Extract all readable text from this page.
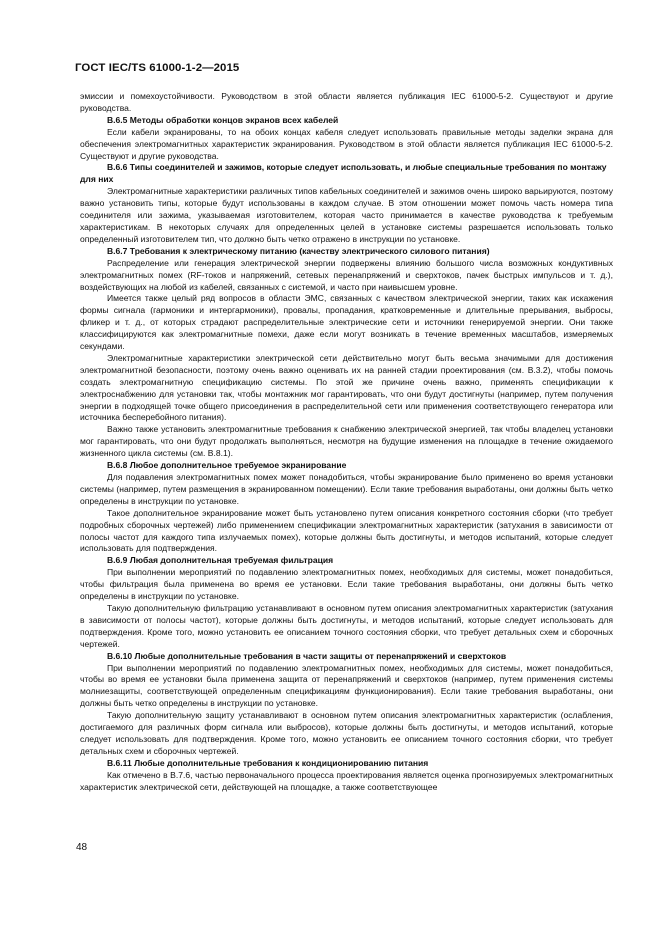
ГОСТ IEC/TS 61000-1-2—2015

эмиссии и помехоустойчивости. Руководством в этой области является публикация IEC 61000-5-2. Существуют и другие руководства.

В.6.5 Методы обработки концов экранов всех кабелей

Если кабели экранированы, то на обоих концах кабеля следует использовать правильные методы заделки экрана для обеспечения электромагнитных характеристик экранирования. Руководством в этой области является публикация IEC 61000-5-2. Существуют и другие руководства.

В.6.6 Типы соединителей и зажимов, которые следует использовать, и любые специальные требования по монтажу для них

Электромагнитные характеристики различных типов кабельных соединителей и зажимов очень широко варьируются, поэтому важно установить типы, которые будут использованы в каждом случае. В этом отношении может помочь часть номера типа соединителя или зажима, указываемая изготовителем, которая часто принимается в качестве руководства к требуемым характеристикам. В некоторых случаях для определенных целей в установке системы разрешается использовать только определенный изготовителем тип, что должно быть четко отражено в инструкции по установке.

В.6.7 Требования к электрическому питанию (качеству электрического силового питания)

Распределение или генерация электрической энергии подвержены влиянию большого числа возможных кондуктивных электромагнитных помех (RF-токов и напряжений, сетевых перенапряжений и сверхтоков, пачек быстрых импульсов и т. д.), воздействующих на любой из кабелей, связанных с системой, и часто при наивысшем уровне.

Имеется также целый ряд вопросов в области ЭМС, связанных с качеством электрической энергии, таких как искажения формы сигнала (гармоники и интергармоники), провалы, пропадания, кратковременные и длительные прерывания, выбросы, фликер и т. д., от которых страдают распределительные электрические сети и источники генерируемой энергии. Они также классифицируются как электромагнитные помехи, даже если могут возникать в течение временных масштабов, измеряемых секундами.

Электромагнитные характеристики электрической сети действительно могут быть весьма значимыми для достижения электромагнитной безопасности, поэтому очень важно оценивать их на ранней стадии проектирования (см. В.3.2), чтобы помочь создать электромагнитную спецификацию системы. По этой же причине очень важно, применять спецификации к электроснабжению для установки так, чтобы монтажник мог гарантировать, что они будут достигнуты (например, путем получения энергии в подходящей точке общего присоединения в распределительной сети или применения соответствующего генератора или источника бесперебойного питания).

Важно также установить электромагнитные требования к снабжению электрической энергией, так чтобы владелец установки мог гарантировать, что они будут продолжать выполняться, несмотря на будущие изменения на площадке в течение ожидаемого жизненного цикла системы (см. В.8.1).

В.6.8 Любое дополнительное требуемое экранирование

Для подавления электромагнитных помех может понадобиться, чтобы экранирование было применено во время установки системы (например, путем размещения в экранированном помещении). Если такие требования выработаны, они должны быть четко определены в инструкции по установке.

Такое дополнительное экранирование может быть установлено путем описания конкретного состояния сборки (что требует подробных сборочных чертежей) либо применением спецификации электромагнитных характеристик (затухания в зависимости от полосы частот для каждого типа излучаемых помех), которые должны быть достигнуты, и методов испытаний, которые следует использовать для подтверждения.

В.6.9 Любая дополнительная требуемая фильтрация

При выполнении мероприятий по подавлению электромагнитных помех, необходимых для системы, может понадобиться, чтобы фильтрация была применена во время ее установки. Если такие требования выработаны, они должны быть четко определены в инструкции по установке.

Такую дополнительную фильтрацию устанавливают в основном путем описания электромагнитных характеристик (затухания в зависимости от полосы частот), которые должны быть достигнуты, и методов испытаний, которые следует использовать для подтверждения. Кроме того, можно установить ее описанием точного состояния сборки, что требует детальных схем и сборочных чертежей.

В.6.10 Любые дополнительные требования в части защиты от перенапряжений и сверхтоков

При выполнении мероприятий по подавлению электромагнитных помех, необходимых для системы, может понадобиться, чтобы во время ее установки была применена защита от перенапряжений и сверхтоков (например, путем применения системы молниезащиты, соответствующей определенным спецификациям функционирования). Если такие требования выработаны, они должны быть четко определены в инструкции по установке.

Такую дополнительную защиту устанавливают в основном путем описания электромагнитных характеристик (ослабления, достигаемого для различных форм сигнала или выбросов), которые должны быть достигнуты, и методов испытаний, которые следует использовать для подтверждения. Кроме того, можно установить ее описанием точного состояния сборки, что требует детальных схем и сборочных чертежей.

В.6.11 Любые дополнительные требования к кондиционированию питания

Как отмечено в В.7.6, частью первоначального процесса проектирования является оценка прогнозируемых электромагнитных характеристик электрической сети, действующей на площадке, а также соответствующее

48
